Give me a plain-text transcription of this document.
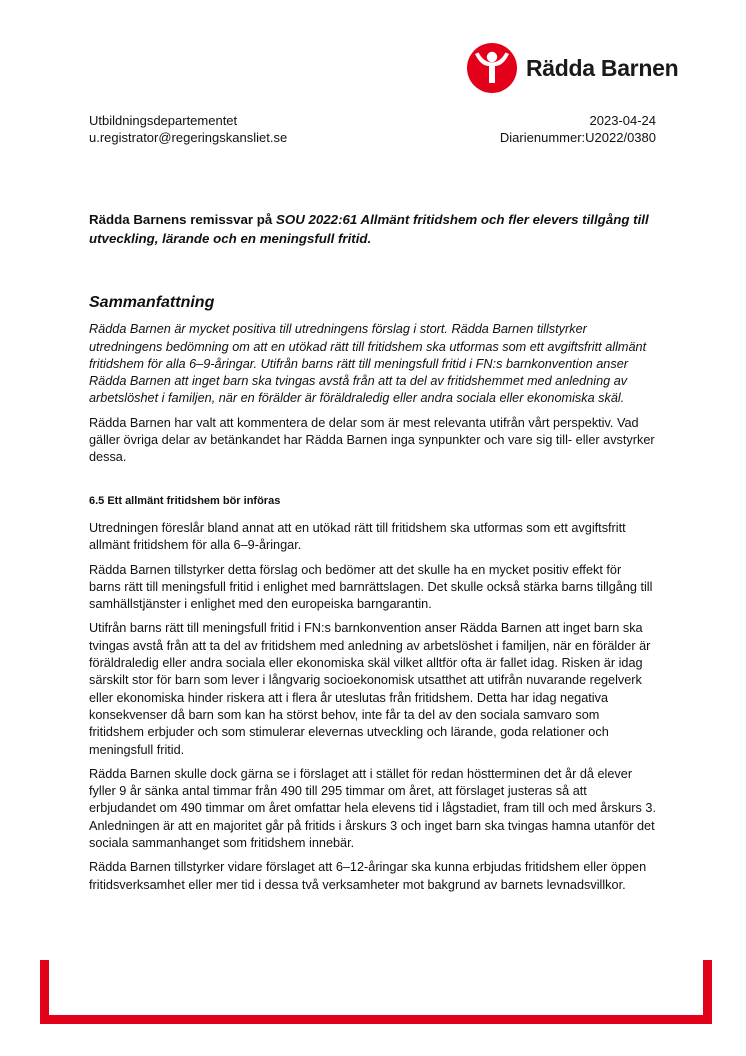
Rädda Barnen
Utbildningsdepartementet
u.registrator@regeringskansliet.se
2023-04-24
Diarienummer:U2022/0380
Rädda Barnens remissvar på SOU 2022:61 Allmänt fritidshem och fler elevers tillgång till utveckling, lärande och en meningsfull fritid.
Sammanfattning

Rädda Barnen är mycket positiva till utredningens förslag i stort. Rädda Barnen tillstyrker utredningens bedömning om att en utökad rätt till fritidshem ska utformas som ett avgiftsfritt allmänt fritidshem för alla 6–9-åringar. Utifrån barns rätt till meningsfull fritid i FN:s barnkonvention anser Rädda Barnen att inget barn ska tvingas avstå från att ta del av fritidshemmet med anledning av arbetslöshet i familjen, när en förälder är föräldraledig eller andra sociala eller ekonomiska skäl.

Rädda Barnen har valt att kommentera de delar som är mest relevanta utifrån vårt perspektiv. Vad gäller övriga delar av betänkandet har Rädda Barnen inga synpunkter och vare sig till- eller avstyrker dessa.

6.5 Ett allmänt fritidshem bör införas

Utredningen föreslår bland annat att en utökad rätt till fritidshem ska utformas som ett avgiftsfritt allmänt fritidshem för alla 6–9-åringar.

Rädda Barnen tillstyrker detta förslag och bedömer att det skulle ha en mycket positiv effekt för barns rätt till meningsfull fritid i enlighet med barnrättslagen. Det skulle också stärka barns tillgång till samhällstjänster i enlighet med den europeiska barngarantin.

Utifrån barns rätt till meningsfull fritid i FN:s barnkonvention anser Rädda Barnen att inget barn ska tvingas avstå från att ta del av fritidshem med anledning av arbetslöshet i familjen, när en förälder är föräldraledig eller andra sociala eller ekonomiska skäl vilket alltför ofta är fallet idag. Risken är idag särskilt stor för barn som lever i långvarig socioekonomisk utsatthet att utifrån nuvarande regelverk eller ekonomiska hinder riskera att i flera år uteslutas från fritidshem. Detta har idag negativa konsekvenser då barn som kan ha störst behov, inte får ta del av den sociala samvaro som fritidshem erbjuder och som stimulerar elevernas utveckling och lärande, goda relationer och meningsfull fritid.

Rädda Barnen skulle dock gärna se i förslaget att i stället för redan höstterminen det år då elever fyller 9 år sänka antal timmar från 490 till 295 timmar om året, att förslaget justeras så att erbjudandet om 490 timmar om året omfattar hela elevens tid i lågstadiet, fram till och med årskurs 3. Anledningen är att en majoritet går på fritids i årskurs 3 och inget barn ska tvingas hamna utanför det sociala sammanhanget som fritidshem innebär.

Rädda Barnen tillstyrker vidare förslaget att 6–12-åringar ska kunna erbjudas fritidshem eller öppen fritidsverksamhet eller mer tid i dessa två verksamheter mot bakgrund av barnets levnadsvillkor.
